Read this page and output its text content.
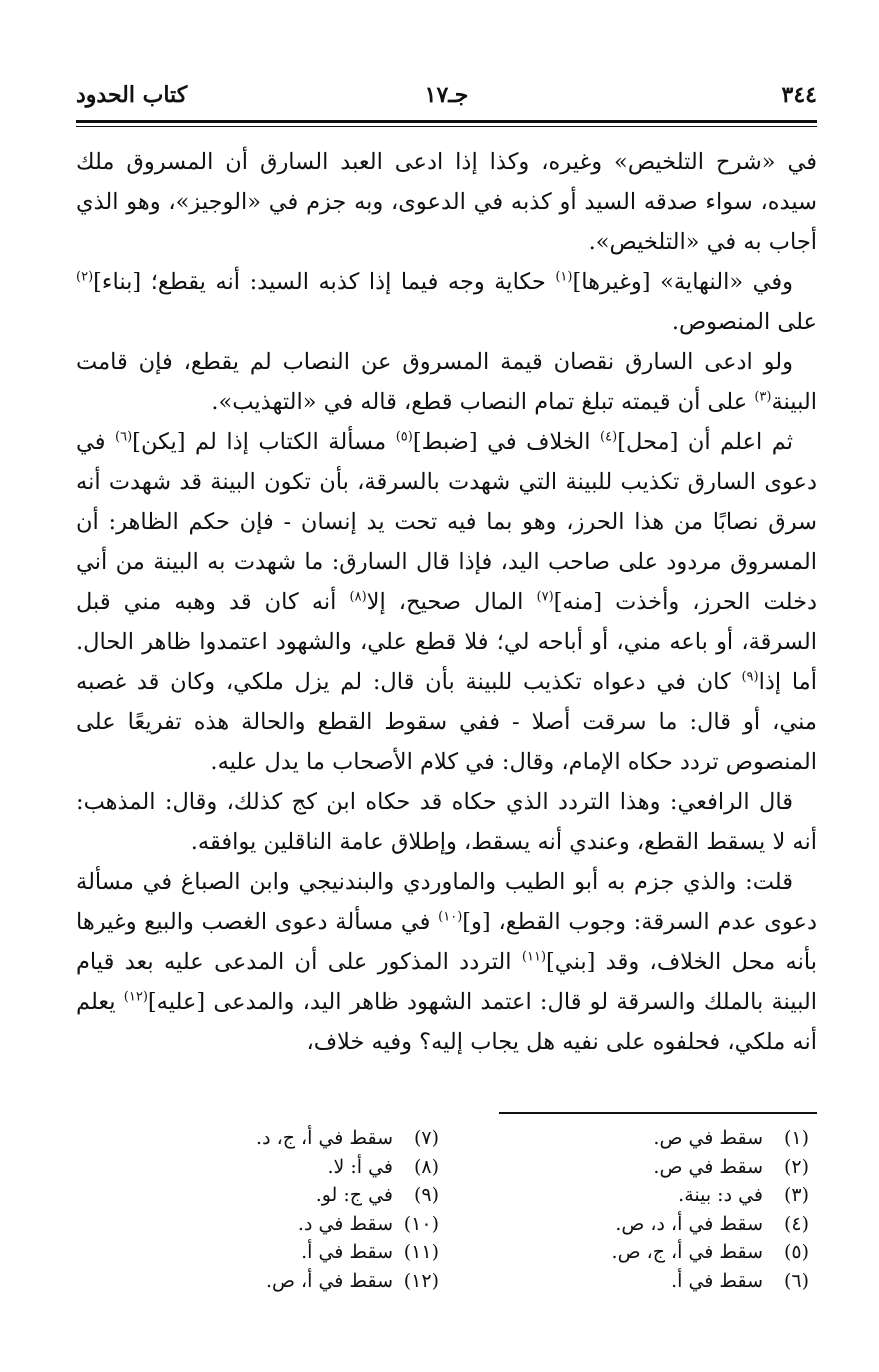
٣٤٤
جـ١٧
كتاب الحدود

في «شرح التلخيص» وغيره، وكذا إذا ادعى العبد السارق أن المسروق ملك سيده، سواء صدقه السيد أو كذبه في الدعوى، وبه جزم في «الوجيز»، وهو الذي أجاب به في «التلخيص».

وفي «النهاية» [وغيرها]$^{(١)}$ حكاية وجه فيما إذا كذبه السيد: أنه يقطع؛ [بناء]$^{(٢)}$ على المنصوص.

ولو ادعى السارق نقصان قيمة المسروق عن النصاب لم يقطع، فإن قامت البينة$^{(٣)}$ على أن قيمته تبلغ تمام النصاب قطع، قاله في «التهذيب».

ثم اعلم أن [محل]$^{(٤)}$ الخلاف في [ضبط]$^{(٥)}$ مسألة الكتاب إذا لم [يكن]$^{(٦)}$ في دعوى السارق تكذيب للبينة التي شهدت بالسرقة، بأن تكون البينة قد شهدت أنه سرق نصابًا من هذا الحرز، وهو بما فيه تحت يد إنسان - فإن حكم الظاهر: أن المسروق مردود على صاحب اليد، فإذا قال السارق: ما شهدت به البينة من أني دخلت الحرز، وأخذت [منه]$^{(٧)}$ المال صحيح، إلا$^{(٨)}$ أنه كان قد وهبه مني قبل السرقة، أو باعه مني، أو أباحه لي؛ فلا قطع علي، والشهود اعتمدوا ظاهر الحال. أما إذا$^{(٩)}$ كان في دعواه تكذيب للبينة بأن قال: لم يزل ملكي، وكان قد غصبه مني، أو قال: ما سرقت أصلا - ففي سقوط القطع والحالة هذه تفريعًا على المنصوص تردد حكاه الإمام، وقال: في كلام الأصحاب ما يدل عليه.

قال الرافعي: وهذا التردد الذي حكاه قد حكاه ابن كج كذلك، وقال: المذهب: أنه لا يسقط القطع، وعندي أنه يسقط، وإطلاق عامة الناقلين يوافقه.

قلت: والذي جزم به أبو الطيب والماوردي والبندنيجي وابن الصباغ في مسألة دعوى عدم السرقة: وجوب القطع، [و]$^{(١٠)}$ في مسألة دعوى الغصب والبيع وغيرها بأنه محل الخلاف، وقد [بني]$^{(١١)}$ التردد المذكور على أن المدعى عليه بعد قيام البينة بالملك والسرقة لو قال: اعتمد الشهود ظاهر اليد، والمدعى [عليه]$^{(١٢)}$ يعلم أنه ملكي، فحلفوه على نفيه هل يجاب إليه؟ وفيه خلاف،

(١)
سقط في ص.
(٢)
سقط في ص.
(٣)
في د: بينة.
(٤)
سقط في أ، د، ص.
(٥)
سقط في أ، ج، ص.
(٦)
سقط في أ.
(٧)
سقط في أ، ج، د.
(٨)
في أ: لا.
(٩)
في ج: لو.
(١٠)
سقط في د.
(١١)
سقط في أ.
(١٢)
سقط في أ، ص.
